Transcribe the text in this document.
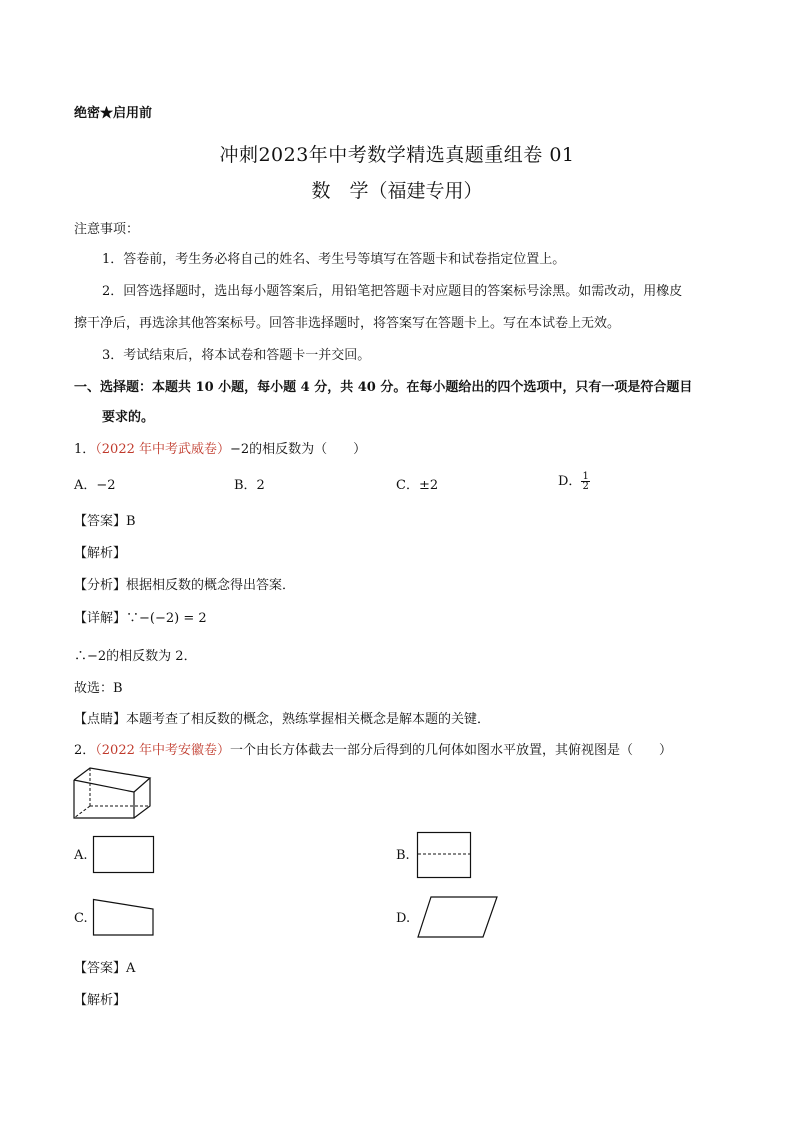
绝密★启用前
冲刺2023年中考数学精选真题重组卷 01
数　学（福建专用）
注意事项：
1．答卷前，考生务必将自己的姓名、考生号等填写在答题卡和试卷指定位置上。
2．回答选择题时，选出每小题答案后，用铅笔把答题卡对应题目的答案标号涂黑。如需改动，用橡皮
擦干净后，再选涂其他答案标号。回答非选择题时，将答案写在答题卡上。写在本试卷上无效。
3．考试结束后，将本试卷和答题卡一并交回。
一、选择题：本题共 10 小题，每小题 4 分，共 40 分。在每小题给出的四个选项中，只有一项是符合题目
要求的。
1．（2022 年中考武威卷）−2的相反数为（　　）
A．−2	B．2	C．±2	D． $\frac{1}{2}$
【答案】B
【解析】
【分析】根据相反数的概念得出答案．
【详解】∵−(−2) = 2
∴−2的相反数为 2．
故选：B
【点睛】本题考查了相反数的概念，熟练掌握相关概念是解本题的关键．
2．（2022 年中考安徽卷）一个由长方体截去一部分后得到的几何体如图水平放置，其俯视图是（　　）
A.	B.
C.	D.
【答案】A
【解析】
